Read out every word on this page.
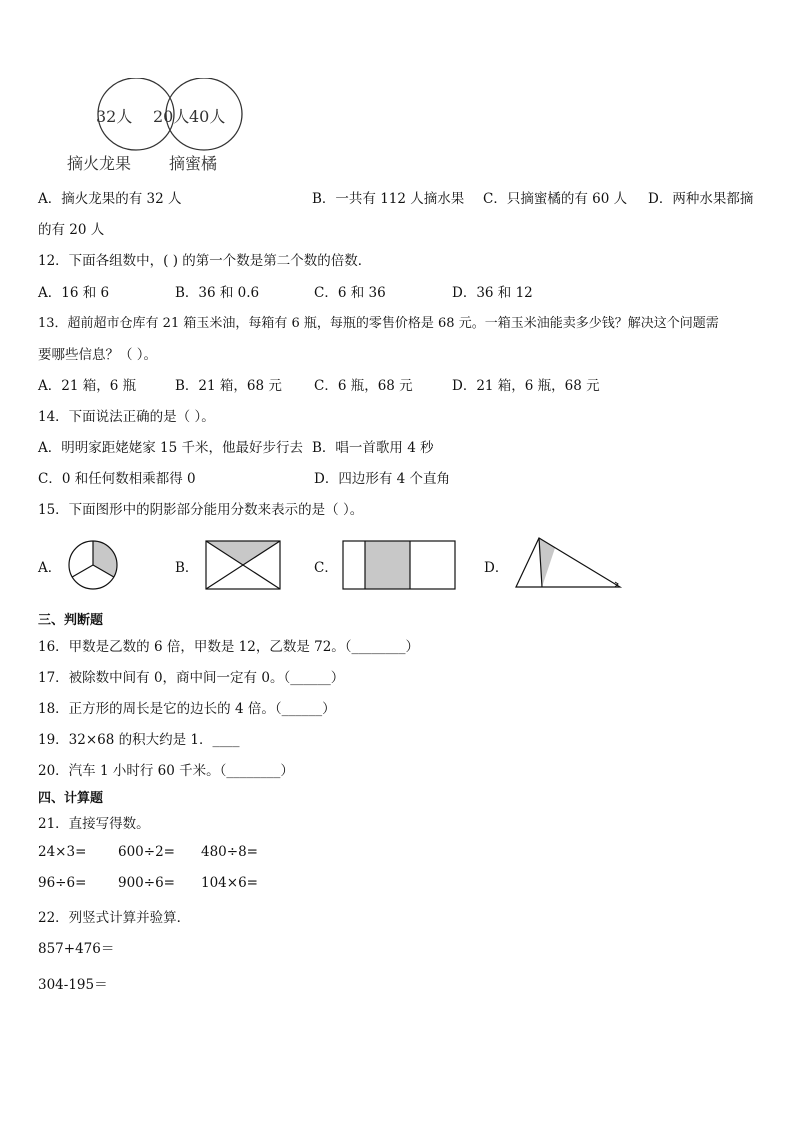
32人 20人 40人
摘火龙果 摘蜜橘
A．摘火龙果的有 32 人	B．一共有 112 人摘水果 C．只摘蜜橘的有 60 人 D．两种水果都摘
的有 20 人
12．下面各组数中，( ) 的第一个数是第二个数的倍数．
A．16 和 6	B．36 和 0.6	C．6 和 36	D．36 和 12
13．超前超市仓库有 21 箱玉米油，每箱有 6 瓶，每瓶的零售价格是 68 元。一箱玉米油能卖多少钱？解决这个问题需
要哪些信息？（ ）。
A．21 箱，6 瓶	B．21 箱，68 元 C．6 瓶，68 元	D．21 箱，6 瓶，68 元
14．下面说法正确的是（ ）。
A．明明家距姥姥家 15 千米，他最好步行去 B．唱一首歌用 4 秒
C．0 和任何数相乘都得 0	D．四边形有 4 个直角
15．下面图形中的阴影部分能用分数来表示的是（ ）。
A．	B．	C．	D．
三、判断题
16．甲数是乙数的 6 倍，甲数是 12，乙数是 72。（________）
17．被除数中间有 0，商中间一定有 0。（______）
18．正方形的周长是它的边长的 4 倍。（______）
19．32×68 的积大约是 1．____
20．汽车 1 小时行 60 千米。（________）
四、计算题
21．直接写得数。
24×3= 600÷2= 480÷8=
96÷6= 900÷6= 104×6=
22．列竖式计算并验算．
857+476＝
304-195＝
